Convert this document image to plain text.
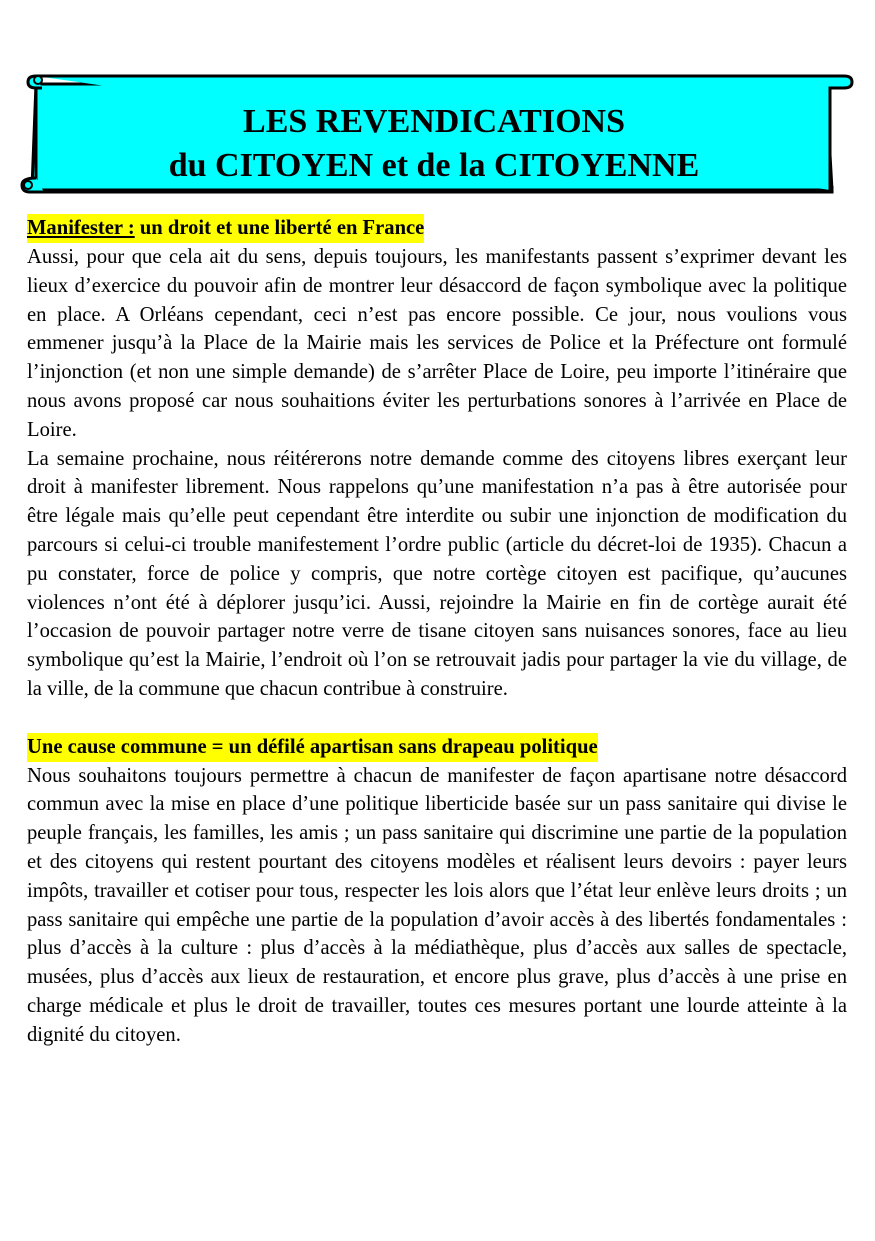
LES REVENDICATIONS
du CITOYEN et de la CITOYENNE
Manifester : un droit et une liberté en France

Aussi, pour que cela ait du sens, depuis toujours, les manifestants passent s’exprimer devant les lieux d’exercice du pouvoir afin de montrer leur désaccord de façon symbolique avec la politique en place. A Orléans cependant, ceci n’est pas encore possible. Ce jour, nous voulions vous emmener jusqu’à la Place de la Mairie mais les services de Police et la Préfecture ont formulé l’injonction (et non une simple demande) de s’arrêter Place de Loire, peu importe l’itinéraire que nous avons proposé car nous souhaitions éviter les perturbations sonores à l’arrivée en Place de Loire.

La semaine prochaine, nous réitérerons notre demande comme des citoyens libres exerçant leur droit à manifester librement. Nous rappelons qu’une manifestation n’a pas à être autorisée pour être légale mais qu’elle peut cependant être interdite ou subir une injonction de modification du parcours si celui-ci trouble manifestement l’ordre public (article du décret-loi de 1935). Chacun a pu constater, force de police y compris, que notre cortège citoyen est pacifique, qu’aucunes violences n’ont été à déplorer jusqu’ici. Aussi, rejoindre la Mairie en fin de cortège aurait été l’occasion de pouvoir partager notre verre de tisane citoyen sans nuisances sonores, face au lieu symbolique qu’est la Mairie, l’endroit où l’on se retrouvait jadis pour partager la vie du village, de la ville, de la commune que chacun contribue à construire.

Une cause commune = un défilé apartisan sans drapeau politique

Nous souhaitons toujours permettre à chacun de manifester de façon apartisane notre désaccord commun avec la mise en place d’une politique liberticide basée sur un pass sanitaire qui divise le peuple français, les familles, les amis ; un pass sanitaire qui discrimine une partie de la population et des citoyens qui restent pourtant des citoyens modèles et réalisent leurs devoirs : payer leurs impôts, travailler et cotiser pour tous, respecter les lois alors que l’état leur enlève leurs droits ; un pass sanitaire qui empêche une partie de la population d’avoir accès à des libertés fondamentales : plus d’accès à la culture : plus d’accès à la médiathèque, plus d’accès aux salles de spectacle, musées, plus d’accès aux lieux de restauration, et encore plus grave, plus d’accès à une prise en charge médicale et plus le droit de travailler, toutes ces mesures portant une lourde atteinte à la dignité du citoyen.
